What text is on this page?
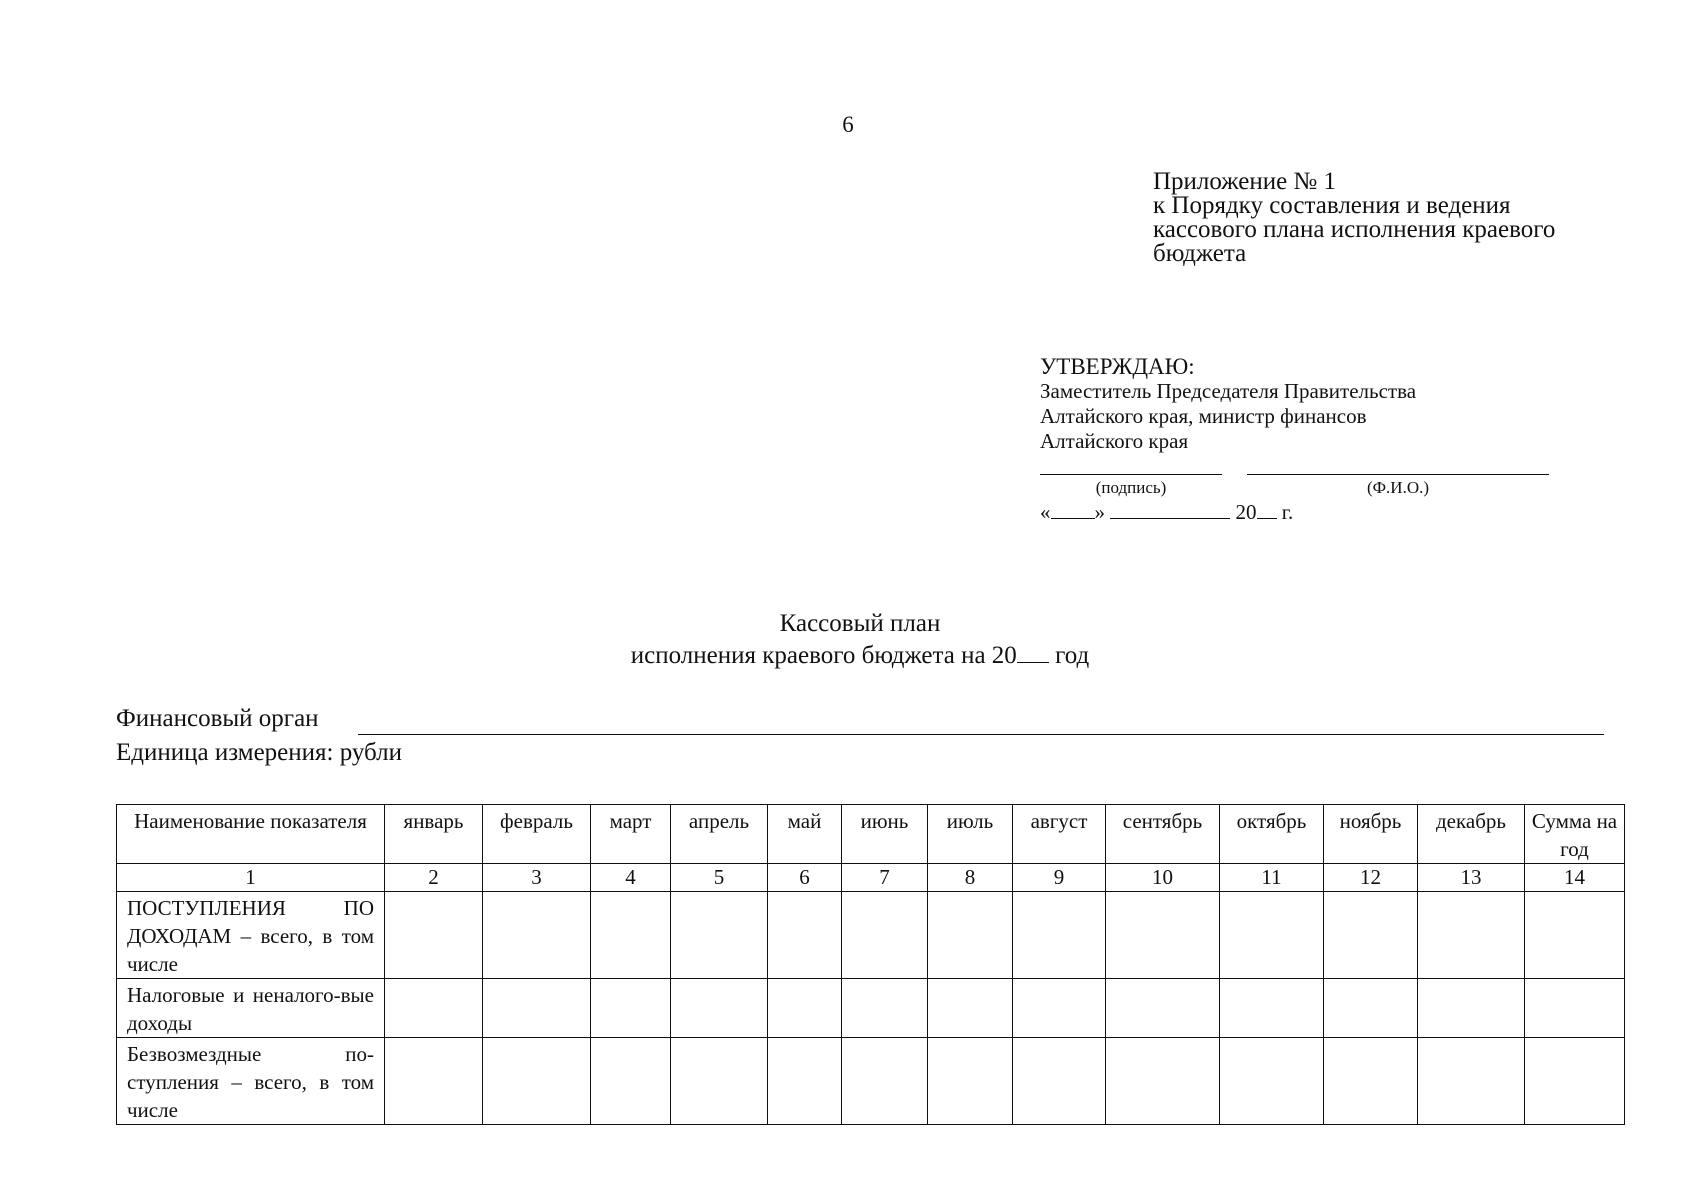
6
Приложение № 1
к Порядку составления и ведения
кассового плана исполнения краевого
бюджета
УТВЕРЖДАЮ:
Заместитель Председателя Правительства
Алтайского края, министр финансов
Алтайского края
(подпись)	(Ф.И.О.)
« »	20 г.
Кассовый план
исполнения краевого бюджета на 20 год
Финансовый орган
Единица измерения: рубли
Наименование показателя	январь	февраль	март	апрель	май	июнь	июль	август	сентябрь	октябрь	ноябрь	декабрь	Сумма на год
1	2	3	4	5	6	7	8	9	10	11	12	13	14
ПОСТУПЛЕНИЯ ПО ДОХОДАМ – всего, в том числе													
Налоговые и неналого-вые доходы													
Безвозмездные по-ступления – всего, в том числе													
